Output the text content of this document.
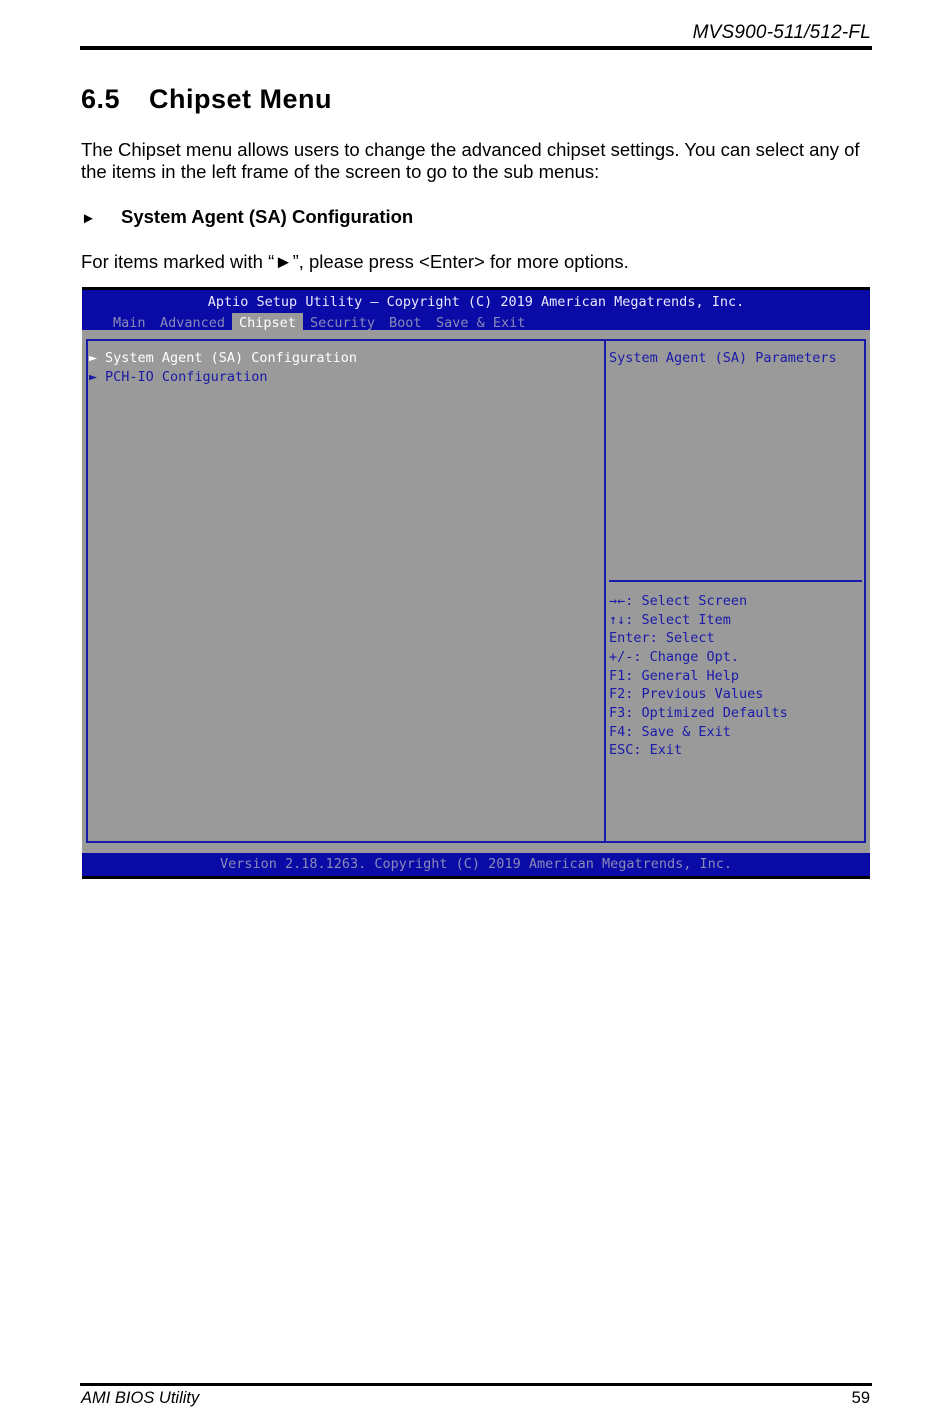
MVS900-511/512-FL
6.5 Chipset Menu
The Chipset menu allows users to change the advanced chipset settings. You can select any of the items in the left frame of the screen to go to the sub menus:
► System Agent (SA) Configuration
For items marked with “►”, please press <Enter> for more options.
Aptio Setup Utility – Copyright (C) 2019 American Megatrends, Inc.
Main Advanced	Chipset	Security Boot Save & Exit
► System Agent (SA) Configuration
► PCH-IO Configuration
System Agent (SA) Parameters
→←: Select Screen
↑↓: Select Item
Enter: Select
+/-: Change Opt.
F1: General Help
F2: Previous Values
F3: Optimized Defaults
F4: Save & Exit
ESC: Exit
Version 2.18.1263. Copyright (C) 2019 American Megatrends, Inc.
AMI BIOS Utility	59
